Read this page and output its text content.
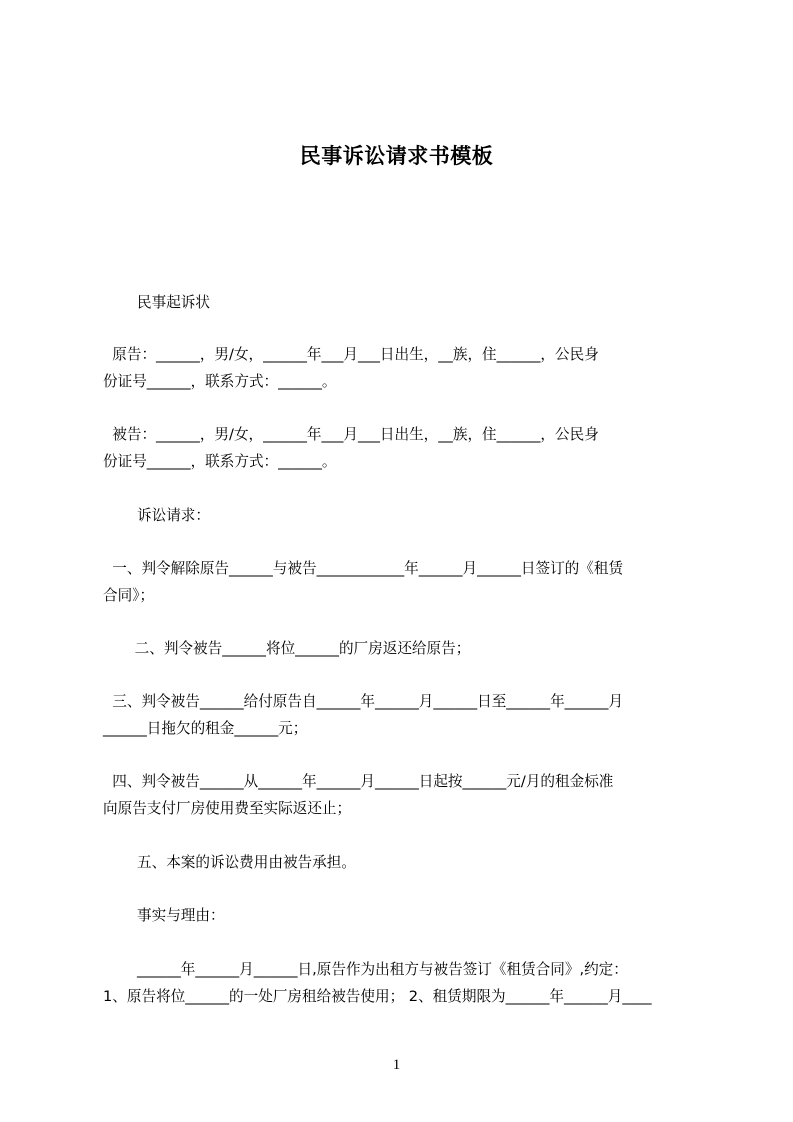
民事诉讼请求书模板
民事起诉状
原告：______，男/女，______年___月___日出生，__族，住______，公民身
份证号______，联系方式：______。
被告：______，男/女，______年___月___日出生，__族，住______，公民身
份证号______，联系方式：______。
诉讼请求：
一、判令解除原告______与被告____________年______月______日签订的《租赁
合同》；
二、判令被告______将位______的厂房返还给原告；
三、判令被告______给付原告自______年______月______日至______年______月
______日拖欠的租金______元；
四、判令被告______从______年______月______日起按______元/月的租金标准
向原告支付厂房使用费至实际返还止；
五、本案的诉讼费用由被告承担。
事实与理由：
______年______月______日,原告作为出租方与被告签订《租赁合同》,约定：
1、原告将位______的一处厂房租给被告使用； 2、租赁期限为______年______月____
1
